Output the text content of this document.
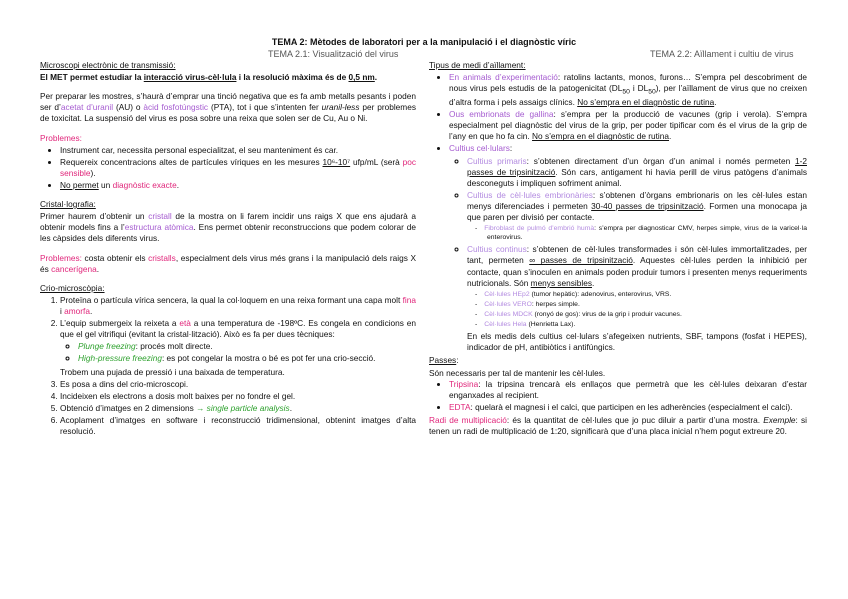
TEMA 2: Mètodes de laboratori per a la manipulació i el diagnòstic víric
TEMA 2.1: Visualització del virus	TEMA 2.2: Aïllament i cultiu de virus
Microscopi electrònic de transmissió:

El MET permet estudiar la interacció virus-cèl·lula i la resolució màxima és de 0,5 nm.

Per preparar les mostres, s’haurà d’emprar una tinció negativa que es fa amb metalls pesants i poden ser d’acetat d’uranil (AU) o àcid fosfotúngstic (PTA), tot i que s’intenten fer uranil-less per problemes de toxicitat. La suspensió del virus es posa sobre una reixa que solen ser de Cu, Au o Ni.

Problemes:
• Instrument car, necessita personal especialitzat, el seu manteniment és car.
• Requereix concentracions altes de partícules víriques en les mesures 10⁶-10⁷ ufp/mL (serà poc sensible).
• No permet un diagnòstic exacte.
Cristal·lografia:

Primer haurem d’obtenir un cristall de la mostra on li farem incidir uns raigs X que ens ajudarà a obtenir models fins a l’estructura atòmica. Ens permet obtenir reconstruccions que podem colorar de les càpsides dels diferents virus.

Problemes: costa obtenir els cristalls, especialment dels virus més grans i la manipulació dels raigs X és cancerígena.

Crio-microscòpia:
1. Proteïna o partícula vírica sencera, la qual la col·loquem en una reixa formant una capa molt fina i amorfa.
2. L’equip submergeix la reixeta a età a una temperatura de -198ºC. Es congela en condicions en que el gel vitrifiqui (evitant la cristal·lització). Això es fa per dues tècniques:
◦ Plunge freezing: procés molt directe.
◦ High-pressure freezing: es pot congelar la mostra o bé es pot fer una crio-secció.
Trobem una pujada de pressió i una baixada de temperatura.
3. Es posa a dins del crio-microscopi.
4. Incideixen els electrons a dosis molt baixes per no fondre el gel.
5. Obtenció d’imatges en 2 dimensions → single particle analysis.
6. Acoplament d’imatges en software i reconstrucció tridimensional, obtenint imatges d’alta resolució.
Tipus de medi d’aïllament:
• En animals d’experimentació: ratolins lactants, monos, furons… S’empra pel descobriment de nous virus pels estudis de la patogenicitat ($DL_{50}$ i $DL_{50}$), per l’aïllament de virus que no creixen d’altra forma i pels assaigs clínics. No s’empra en el diagnòstic de rutina.
• Ous embrionats de gallina: s’empra per la producció de vacunes (grip i verola). S’empra especialment pel diagnòstic del virus de la grip, per poder tipificar com és el virus de la grip de l’any en que ho fa cin. No s’empra en el diagnòstic de rutina.
• Cultius cel·lulars:
◦ Cultius primaris: s’obtenen directament d’un òrgan d’un animal i només permeten 1-2 passes de tripsinització. Són cars, antigament hi havia perill de virus patògens d’animals desconeguts i impliquen sofriment animal.
◦ Cultius de cèl·lules embrionàries: s’obtenen d’òrgans embrionaris on les cèl·lules estan menys diferenciades i permeten 30-40 passes de tripsinització. Formen una monocapa ja que paren per divisió per contacte.
- Fibroblast de pulmó d’embrió humà: s’empra per diagnosticar CMV, herpes simple, virus de la varicel·la enterovirus.
◦ Cultius continus: s’obtenen de cèl·lules transformades i són cèl·lules immortalitzades, per tant, permeten ∞ passes de tripsinització. Aquestes cèl·lules perden la inhibició per contacte, quan s’inoculen en animals poden produir tumors i presenten menys requeriments nutricionals. Són menys sensibles.
- Cèl·lules HEp2 (tumor hepàtic): adenovirus, enterovirus, VRS.
- Cèl·lules VERO: herpes simple.
- Cèl·lules MDCK (ronyó de gos): virus de la grip i produir vacunes.
- Cèl·lules Hela (Henrietta Lax).
En els medis dels cultius cel·lulars s’afegeixen nutrients, SBF, tampons (fosfat i HEPES), indicador de pH, antibiòtics i antifúngics.
Passes:
Són necessaris per tal de mantenir les cèl·lules.
• Tripsina: la tripsina trencarà els enllaços que permetrà que les cèl·lules deixaran d’estar enganxades al recipient.
• EDTA: quelarà el magnesi i el calci, que participen en les adherències (especialment el calci).

Radi de multiplicació: és la quantitat de cèl·lules que jo puc diluir a partir d’una mostra. Exemple: si tenen un radi de multiplicació de 1:20, significarà que d’una placa inicial n’hem pogut extreure 20.
